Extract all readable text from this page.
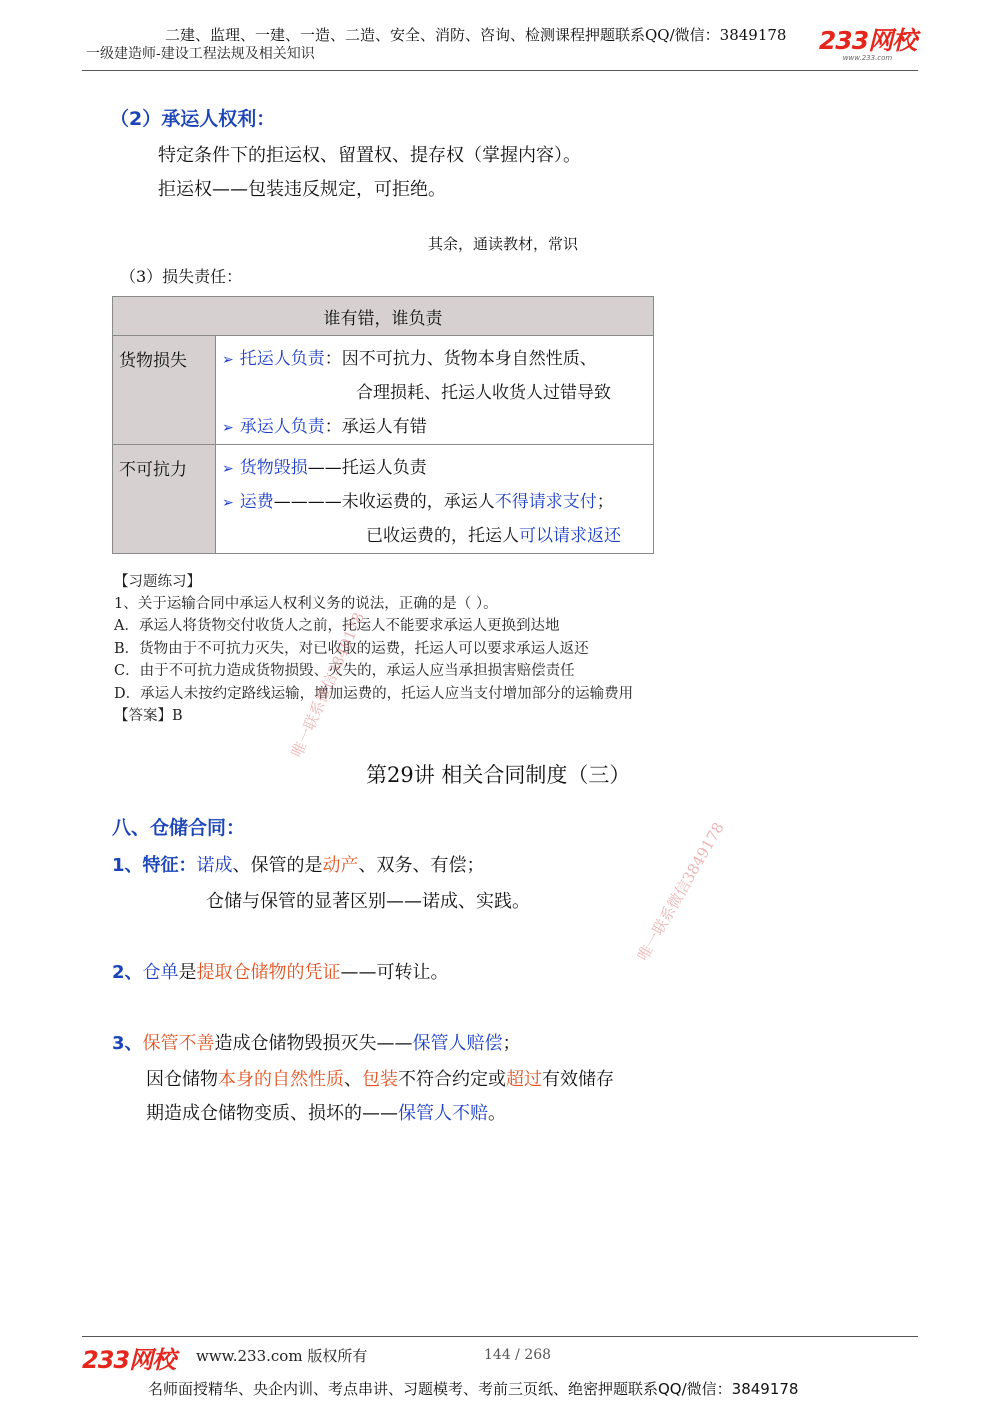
二建、监理、一建、一造、二造、安全、消防、咨询、检测课程押题联系QQ/微信：3849178
一级建造师-建设工程法规及相关知识	233网校
www.233.com
（2）承运人权利：
特定条件下的拒运权、留置权、提存权（掌握内容）。
拒运权——包装违反规定，可拒绝。
其余，通读教材，常识
（3）损失责任：
谁有错，谁负责	
货物损失	➢ 托运人负责：因不可抗力、货物本身自然性质、
合理损耗、托运人收货人过错导致
➢ 承运人负责：承运人有错

不可抗力	➢ 货物毁损——托运人负责
➢ 运费————未收运费的，承运人不得请求支付；
已收运费的，托运人可以请求返还
【习题练习】
1、关于运输合同中承运人权利义务的说法，正确的是（ ）。
A．承运人将货物交付收货人之前，托运人不能要求承运人更换到达地
B．货物由于不可抗力灭失，对已收取的运费，托运人可以要求承运人返还
C．由于不可抗力造成货物损毁、灭失的，承运人应当承担损害赔偿责任
D．承运人未按约定路线运输，增加运费的，托运人应当支付增加部分的运输费用
【答案】B
第29讲 相关合同制度（三）
八、仓储合同：
1、特征：诺成、保管的是动产、双务、有偿；
仓储与保管的显著区别——诺成、实践。
2、仓单是提取仓储物的凭证——可转让。
3、保管不善造成仓储物毁损灭失——保管人赔偿；
因仓储物本身的自然性质、包装不符合约定或超过有效储存
期造成仓储物变质、损坏的——保管人不赔。
唯一联系微信3849178
唯一联系微信3849178
233网校 www.233.com 版权所有	144 / 268
名师面授精华、央企内训、考点串讲、习题模考、考前三页纸、绝密押题联系QQ/微信：3849178
